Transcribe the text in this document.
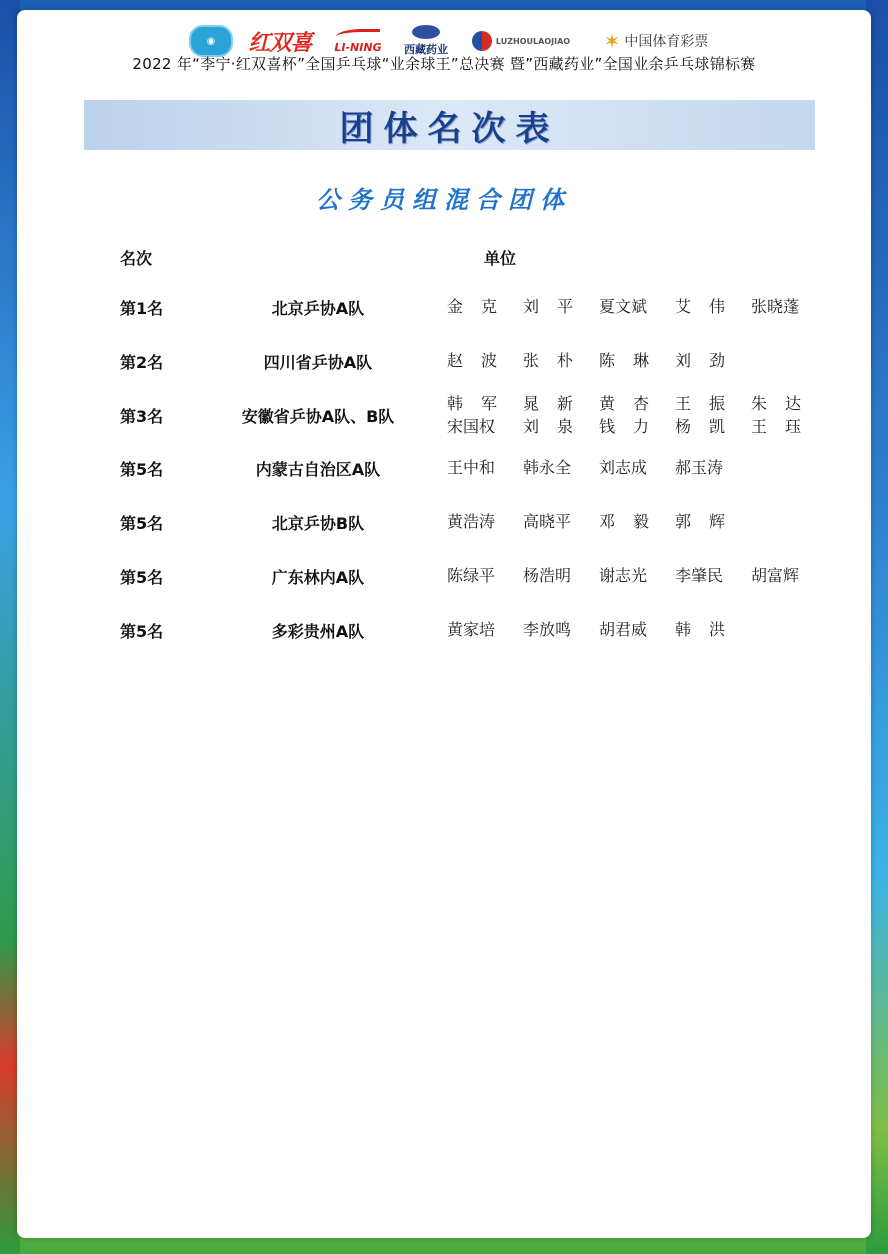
◉	红双喜	LI-NING 西藏药业
LUZHOULAOJIAO ✶ 中国体育彩票
2022 年“李宁·红双喜杯”全国乒乓球“业余球王”总决赛 暨”西藏药业”全国业余乒乓球锦标赛
团体名次表
公务员组混合团体
名次	单位
第1名	北京乒协A队	金克 刘平 夏文斌	艾伟 张晓蓬
第2名	四川省乒协A队	赵波 张朴 陈琳 刘劲
第3名	安徽省乒协A队、B队
韩军 晁新 黄杏 王振 朱达
宋国权	刘泉 钱力 杨凯 王珏
第5名	内蒙古自治区A队	王中和	韩永全	刘志成	郝玉涛
第5名	北京乒协B队	黄浩涛	高晓平	邓毅 郭辉
第5名	广东林内A队	陈绿平	杨浩明	谢志光	李肇民	胡富辉
第5名	多彩贵州A队	黄家培	李放鸣	胡君威	韩洪
